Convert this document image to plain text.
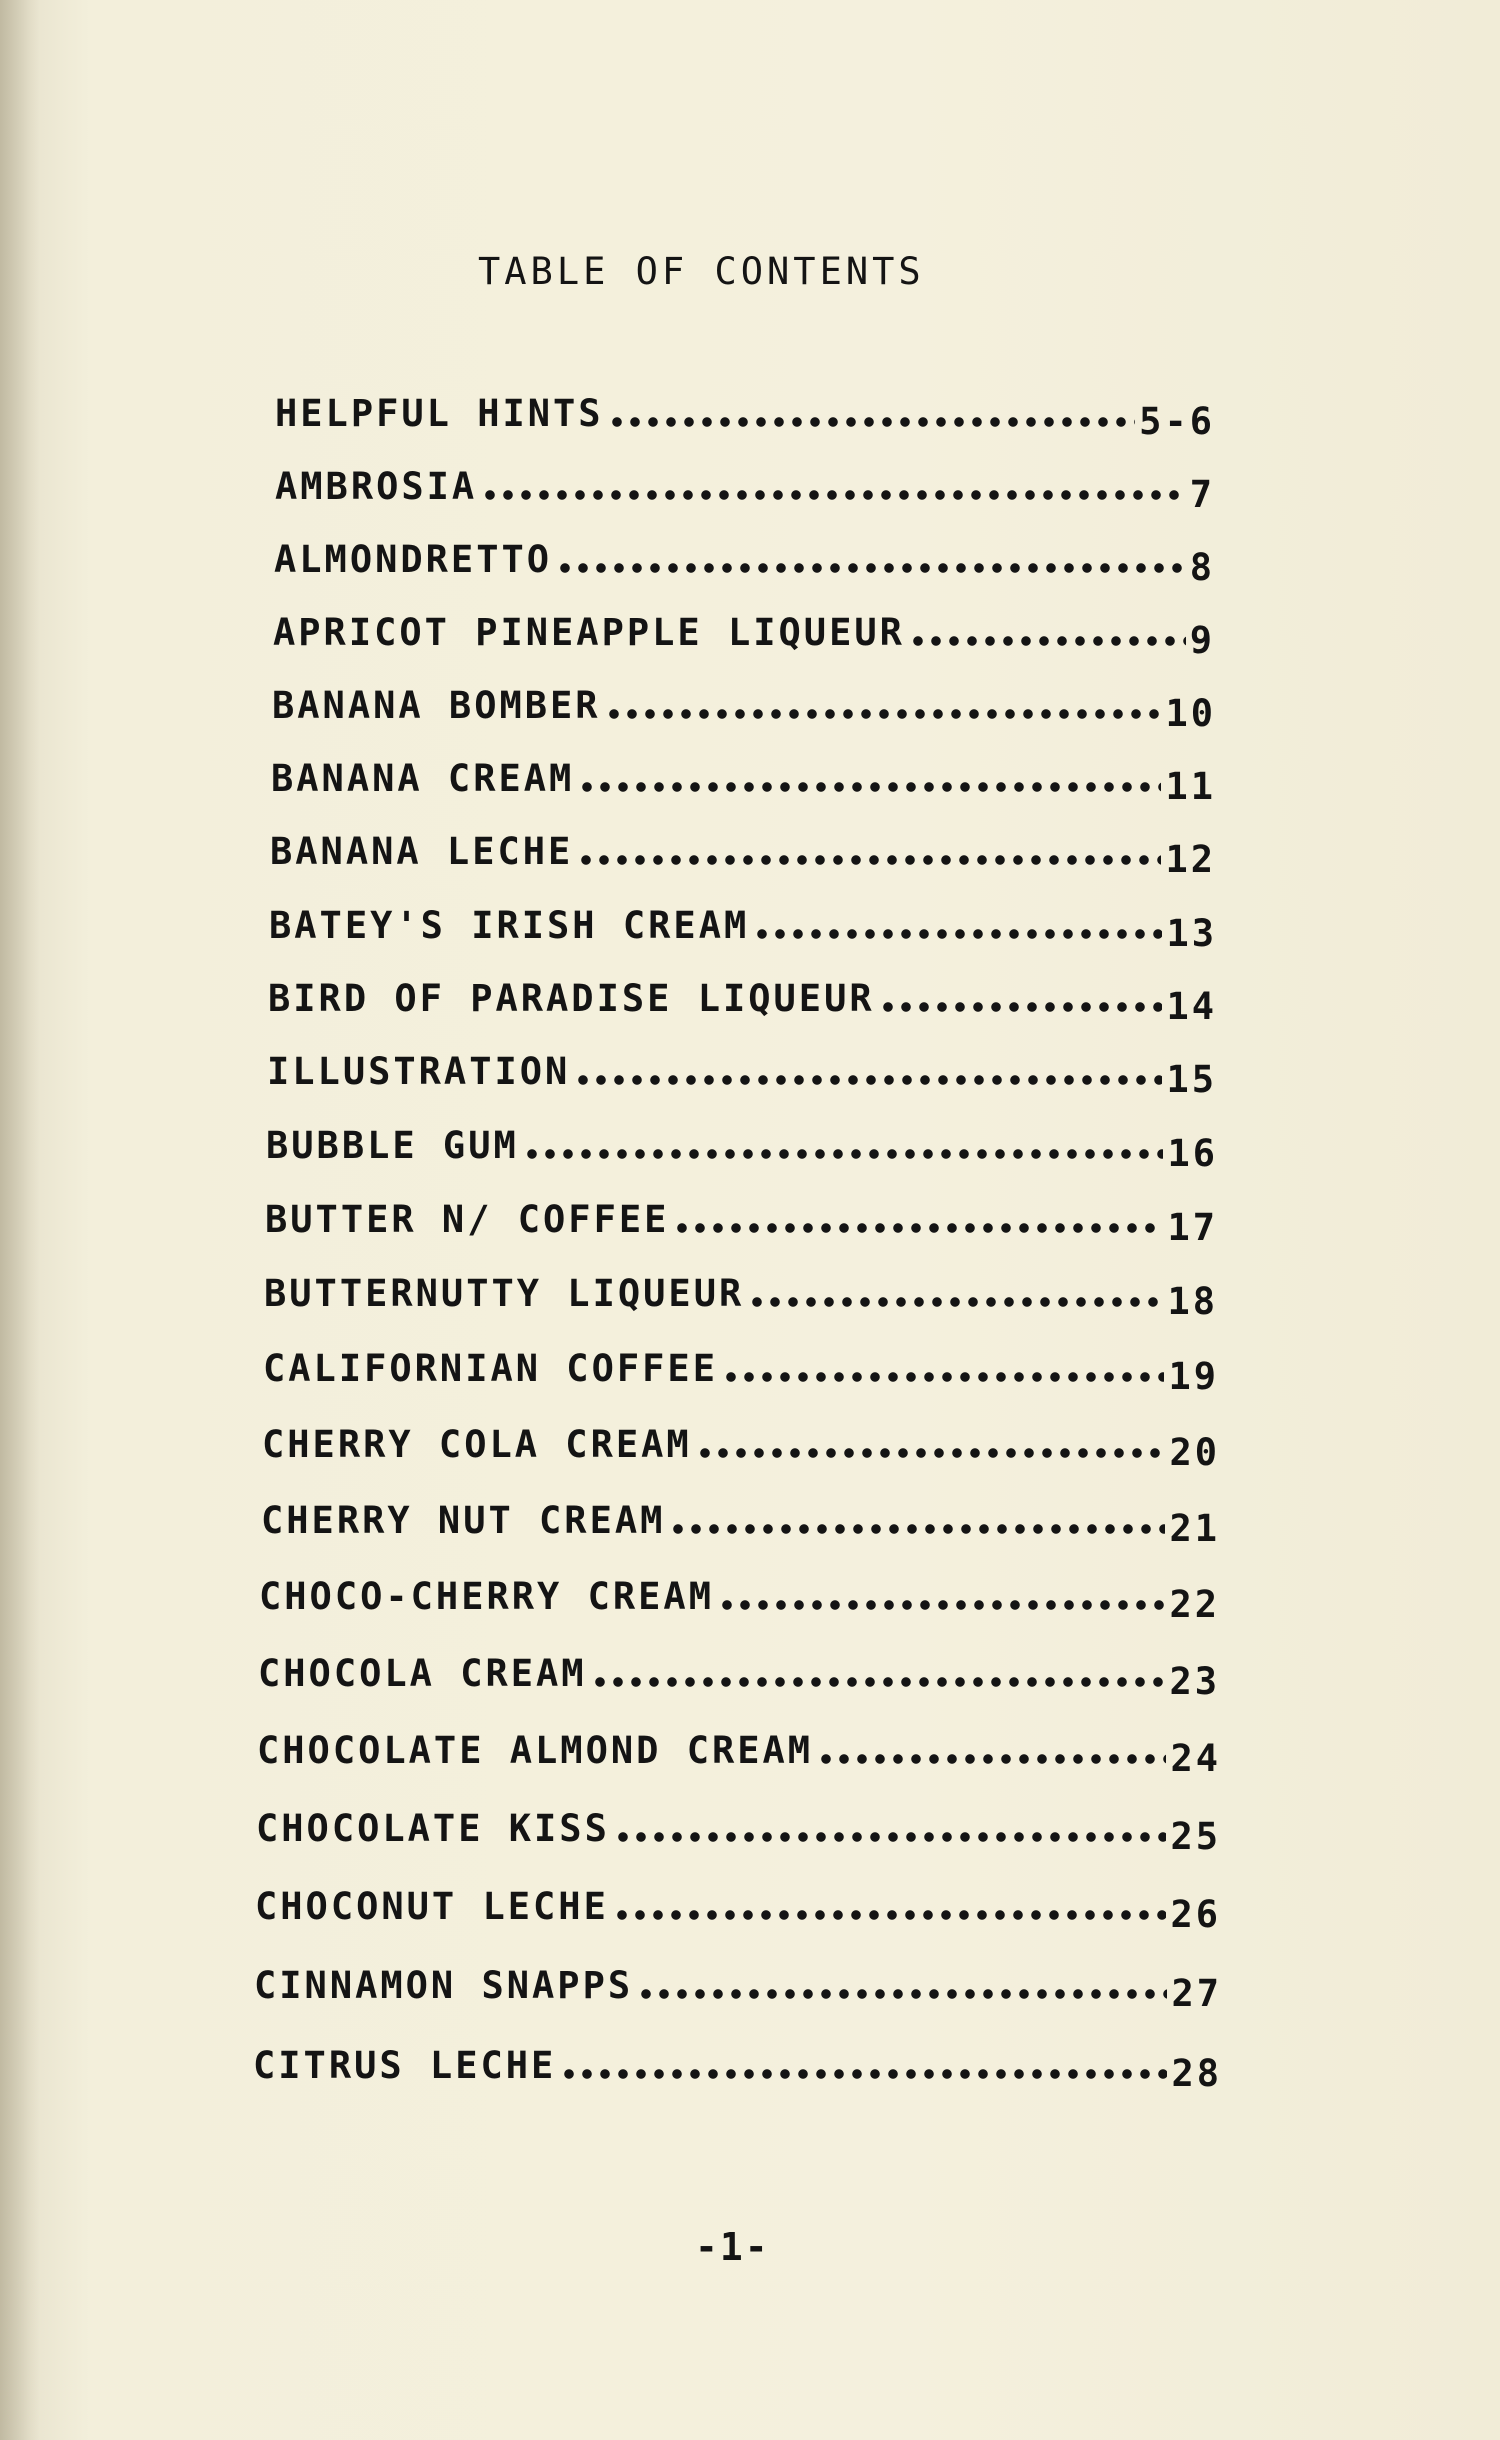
TABLE OF CONTENTS
HELPFUL HINTS	5-6
AMBROSIA	7
ALMONDRETTO	8
APRICOT PINEAPPLE LIQUEUR	9
BANANA BOMBER	10
BANANA CREAM	11
BANANA LECHE	12
BATEY'S IRISH CREAM	13
BIRD OF PARADISE LIQUEUR	14
ILLUSTRATION	15
BUBBLE GUM	16
BUTTER N/ COFFEE	17
BUTTERNUTTY LIQUEUR	18
CALIFORNIAN COFFEE	19
CHERRY COLA CREAM	20
CHERRY NUT CREAM	21
CHOCO-CHERRY CREAM	22
CHOCOLA CREAM	23
CHOCOLATE ALMOND CREAM	24
CHOCOLATE KISS	25
CHOCONUT LECHE	26
CINNAMON SNAPPS	27
CITRUS LECHE	28
-1-
